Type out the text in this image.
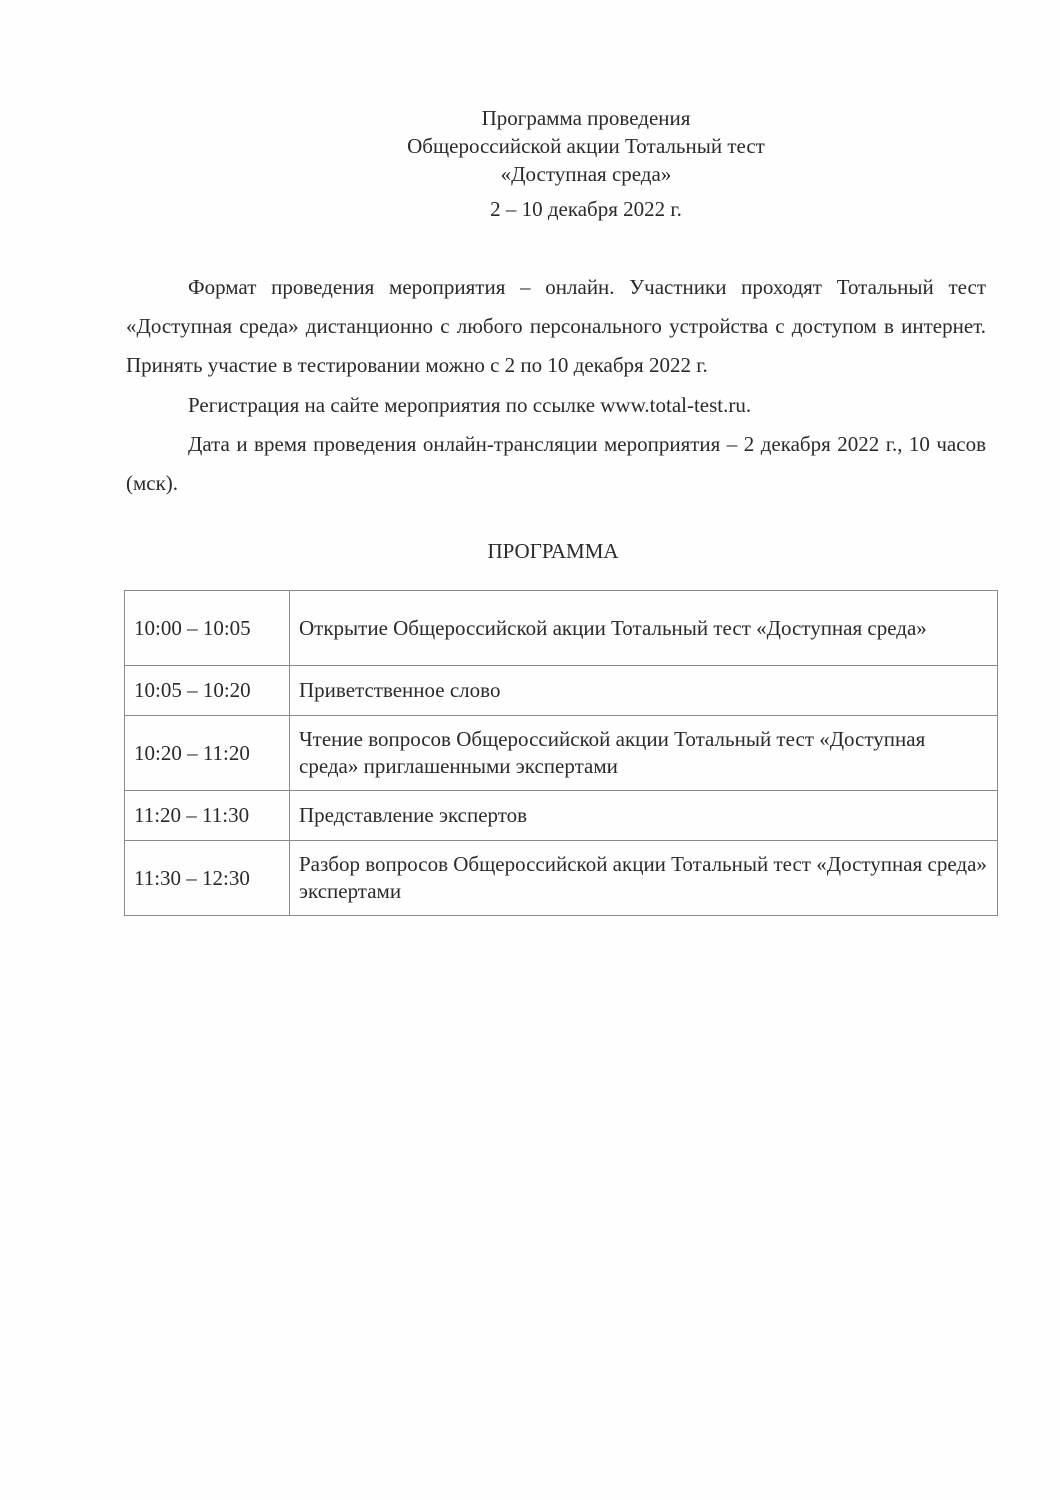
Программа проведения
Общероссийской акции Тотальный тест
«Доступная среда»
2 – 10 декабря 2022 г.

Формат проведения мероприятия – онлайн. Участники проходят Тотальный тест «Доступная среда» дистанционно с любого персонального устройства с доступом в интернет. Принять участие в тестировании можно с 2 по 10 декабря 2022 г.

Регистрация на сайте мероприятия по ссылке www.total-test.ru.

Дата и время проведения онлайн-трансляции мероприятия – 2 декабря 2022 г., 10 часов (мск).

ПРОГРАММА
10:00 – 10:05	Открытие Общероссийской акции Тотальный тест «Доступная среда»
10:05 – 10:20	Приветственное слово
10:20 – 11:20	Чтение вопросов Общероссийской акции Тотальный тест «Доступная среда» приглашенными экспертами
11:20 – 11:30	Представление экспертов
11:30 – 12:30	Разбор вопросов Общероссийской акции Тотальный тест «Доступная среда» экспертами
